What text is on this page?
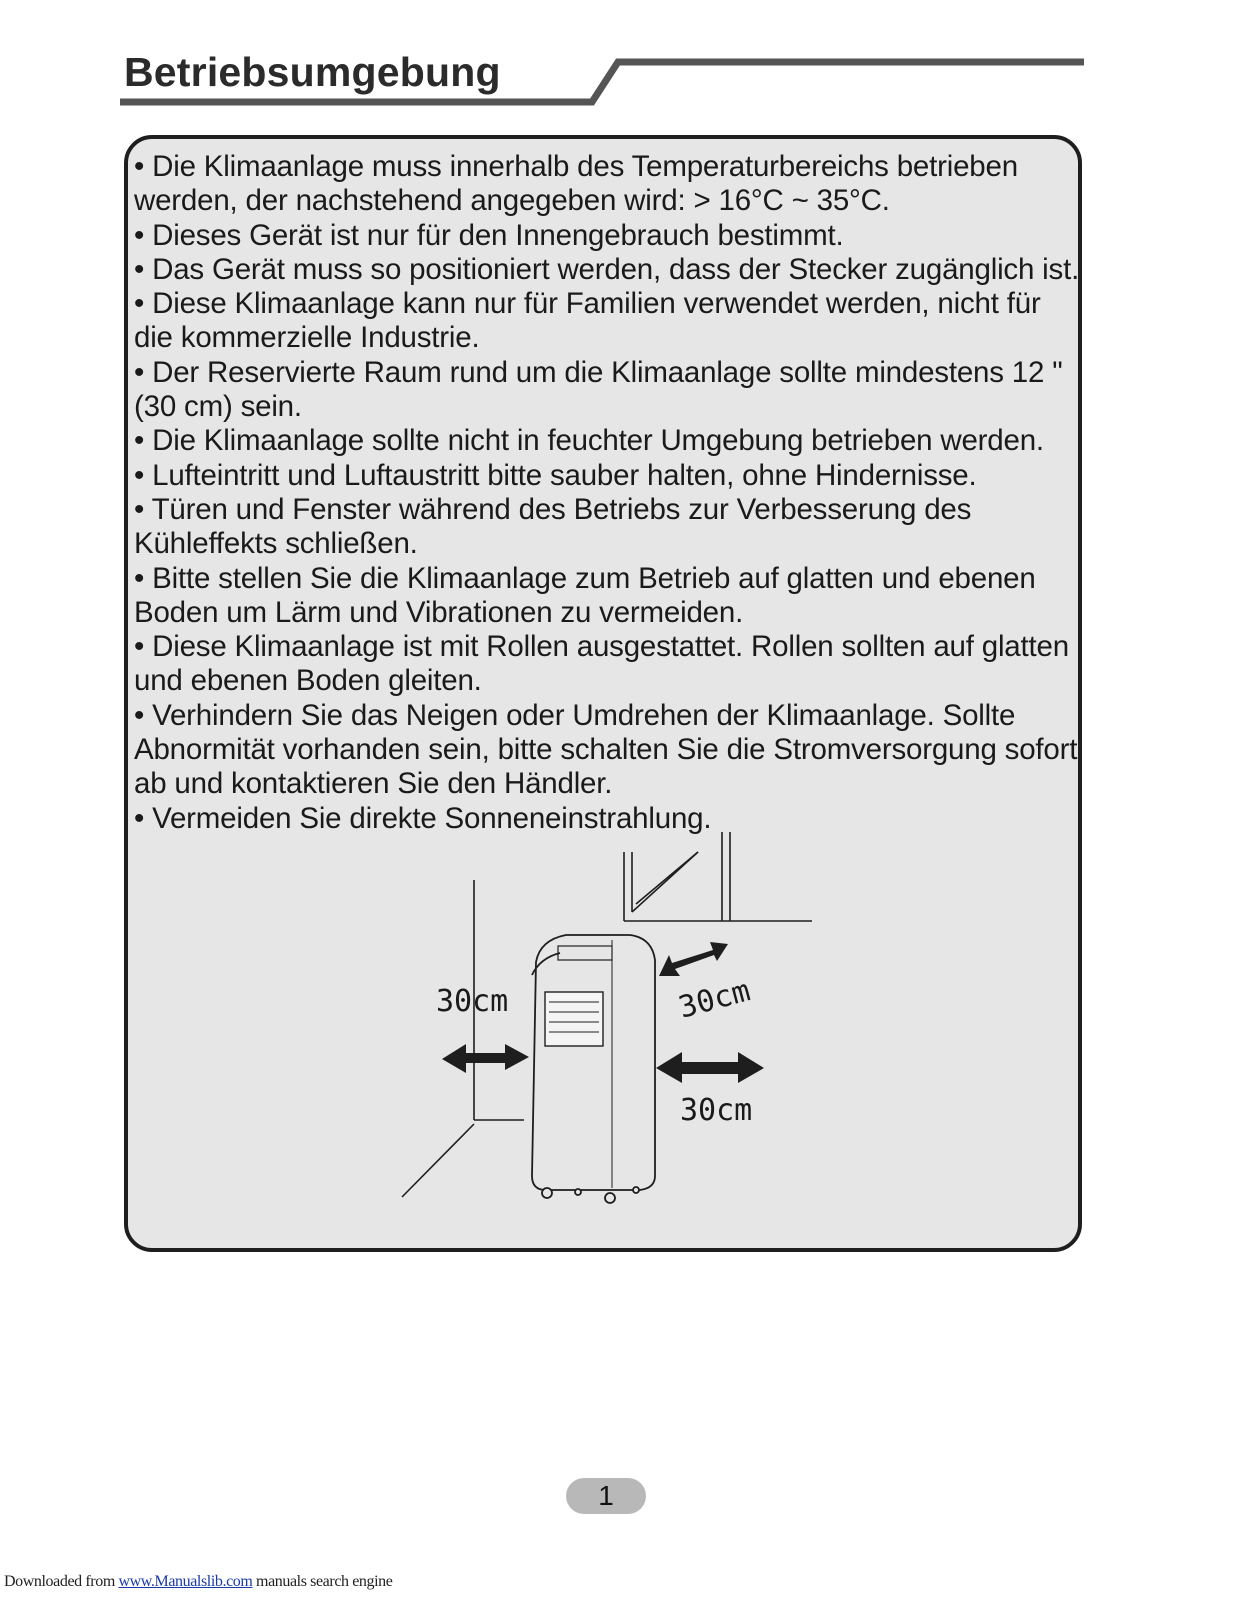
Betriebsumgebung
• Die Klimaanlage muss innerhalb des Temperaturbereichs betrieben werden, der nachstehend angegeben wird: > 16°C ~ 35°C.
• Dieses Gerät ist nur für den Innengebrauch bestimmt.
• Das Gerät muss so positioniert werden, dass der Stecker zugänglich ist.
• Diese Klimaanlage kann nur für Familien verwendet werden, nicht für die kommerzielle Industrie.
• Der Reservierte Raum rund um die Klimaanlage sollte mindestens 12 "(30 cm) sein.
• Die Klimaanlage sollte nicht in feuchter Umgebung betrieben werden.
• Lufteintritt und Luftaustritt bitte sauber halten, ohne Hindernisse.
• Türen und Fenster während des Betriebs zur Verbesserung des Kühleffekts schließen.
• Bitte stellen Sie die Klimaanlage zum Betrieb auf glatten und ebenen Boden um Lärm und Vibrationen zu vermeiden.
• Diese Klimaanlage ist mit Rollen ausgestattet. Rollen sollten auf glatten und ebenen Boden gleiten.
• Verhindern Sie das Neigen oder Umdrehen der Klimaanlage. Sollte Abnormität vorhanden sein, bitte schalten Sie die Stromversorgung sofort ab und kontaktieren Sie den Händler.
• Vermeiden Sie direkte Sonneneinstrahlung.
30cm	30cm
30cm
1
Downloaded from www.Manualslib.com manuals search engine
